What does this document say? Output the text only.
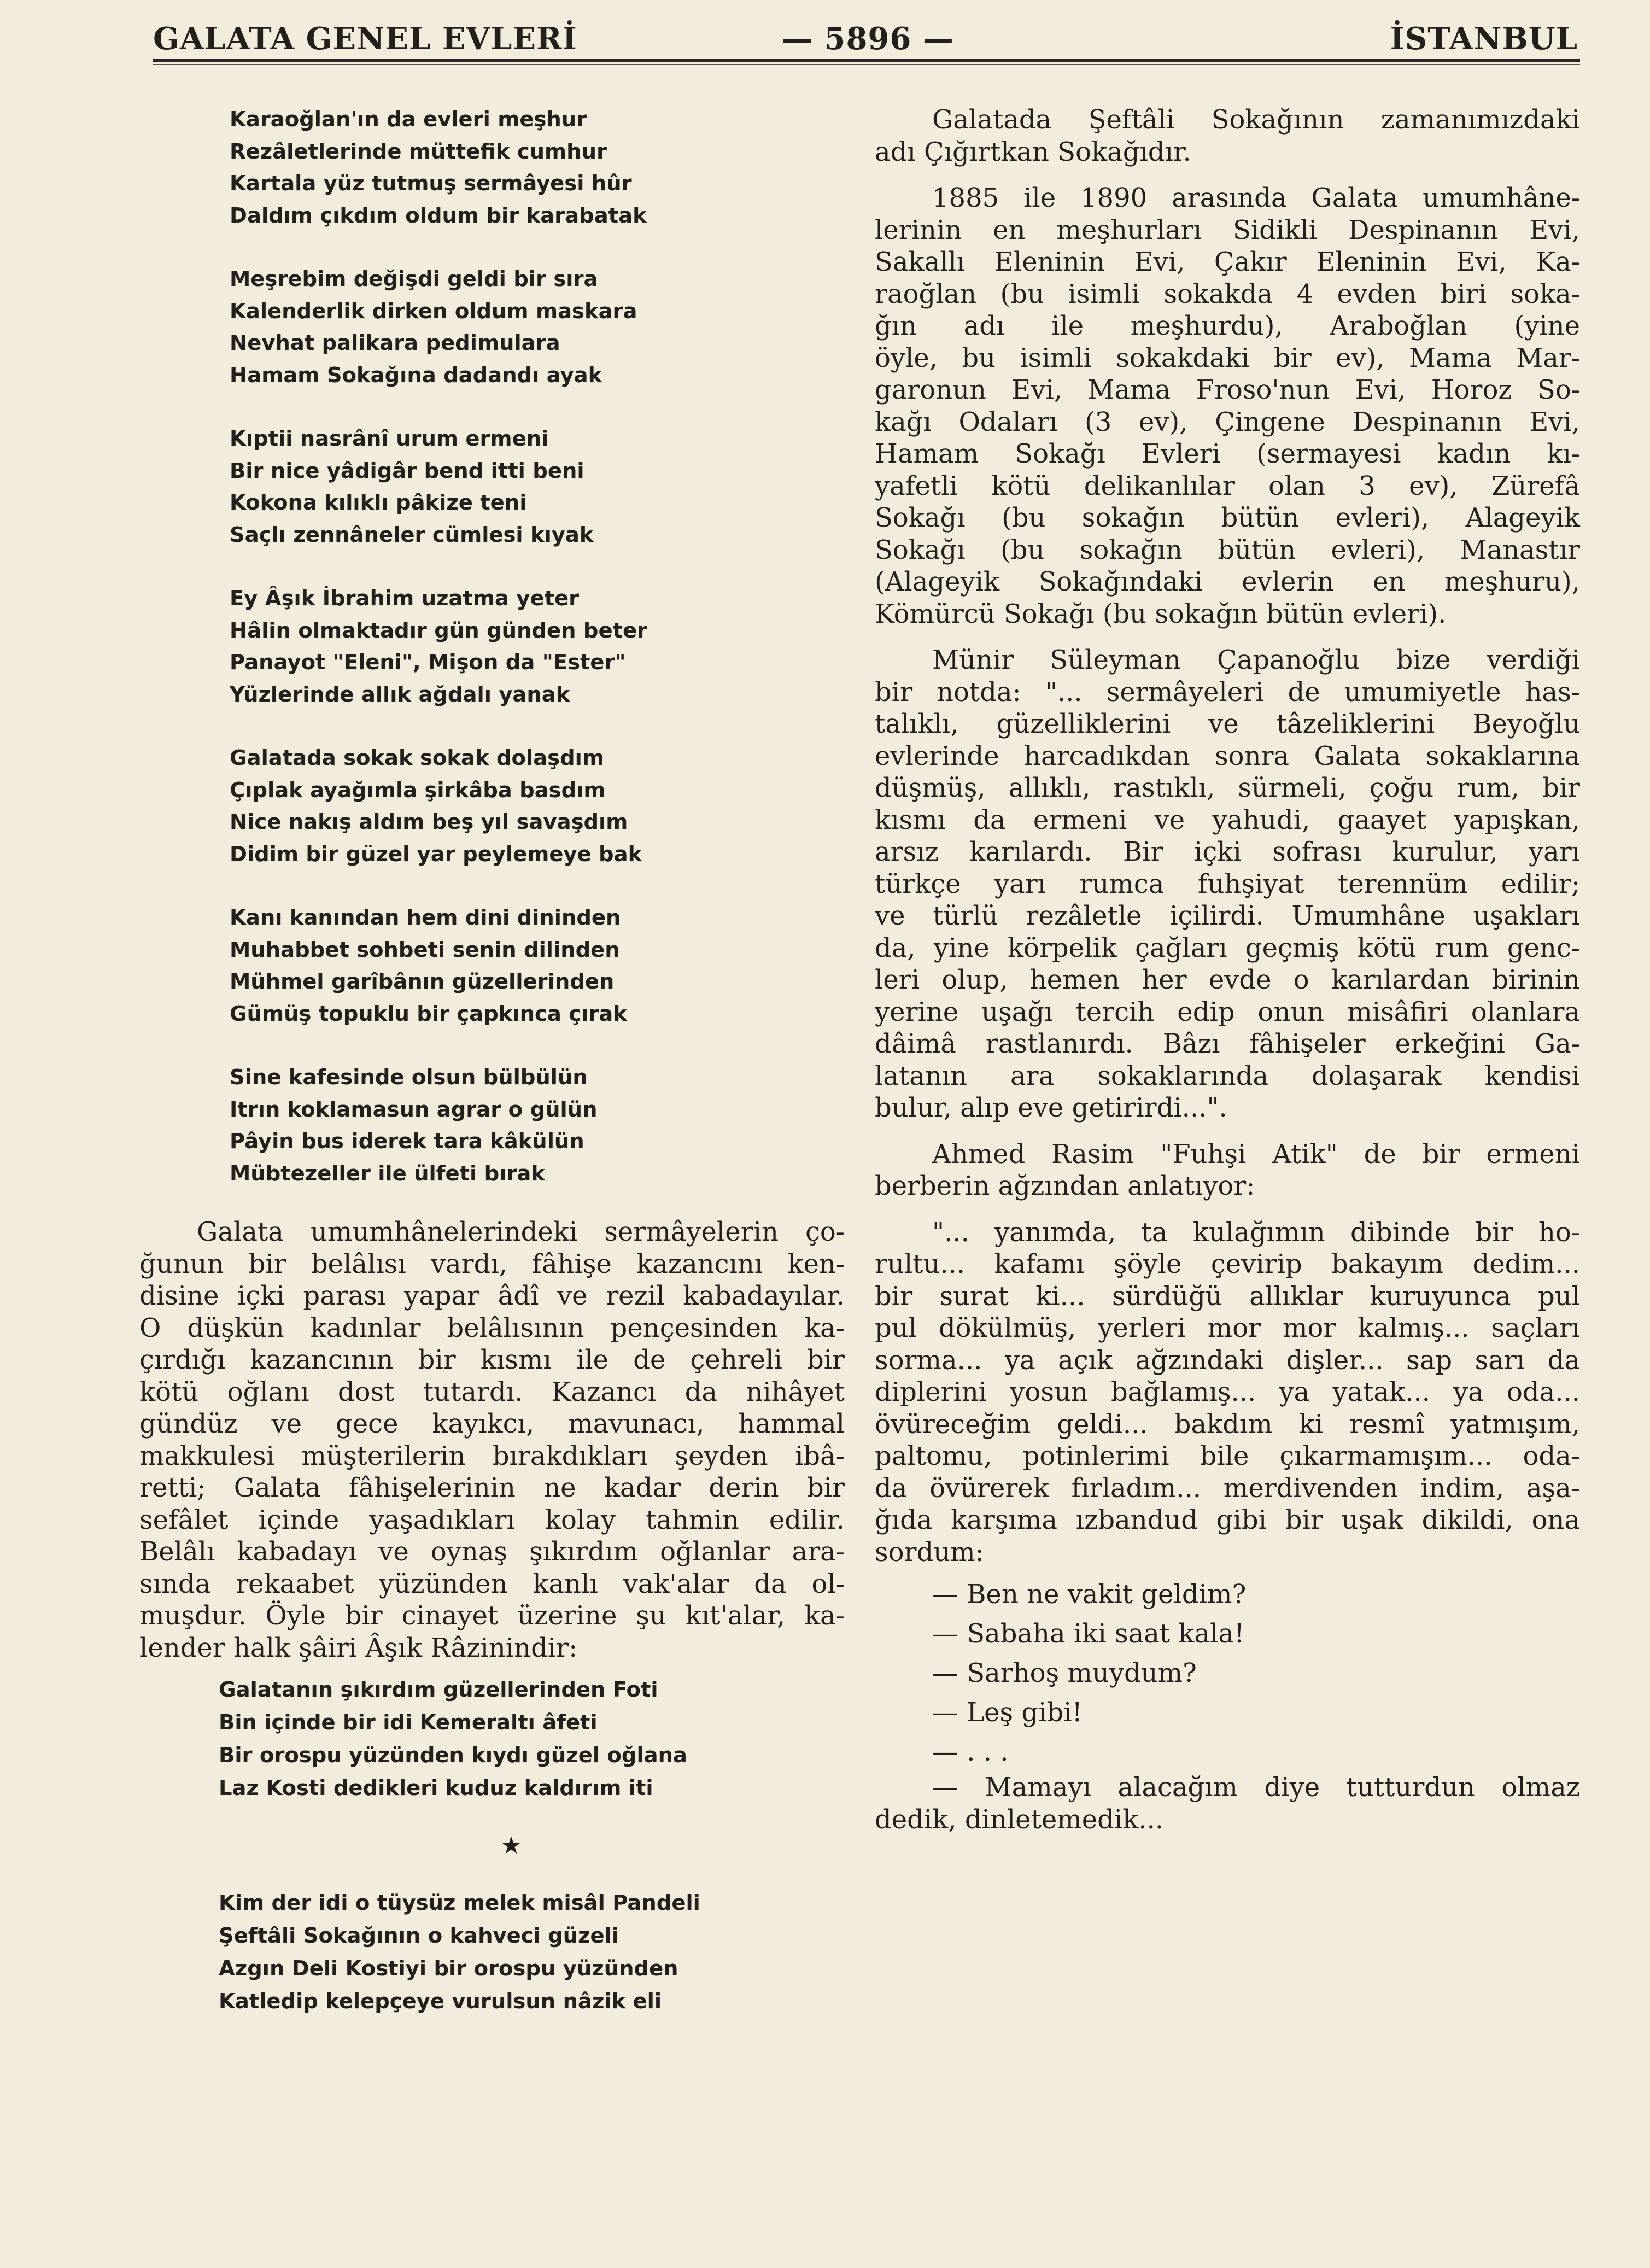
GALATA GENEL EVLERİ	— 5896 —	İSTANBUL
Karaoğlan'ın da evleri meşhur
Rezâletlerinde müttefik cumhur
Kartala yüz tutmuş sermâyesi hûr
Daldım çıkdım oldum bir karabatak
Meşrebim değişdi geldi bir sıra
Kalenderlik dirken oldum maskara
Nevhat palikara pedimulara
Hamam Sokağına dadandı ayak
Kıptii nasrânî urum ermeni
Bir nice yâdigâr bend itti beni
Kokona kılıklı pâkize teni
Saçlı zennâneler cümlesi kıyak
Ey Âşık İbrahim uzatma yeter
Hâlin olmaktadır gün günden beter
Panayot "Eleni", Mişon da "Ester"
Yüzlerinde allık ağdalı yanak
Galatada sokak sokak dolaşdım
Çıplak ayağımla şirkâba basdım
Nice nakış aldım beş yıl savaşdım
Didim bir güzel yar peylemeye bak
Kanı kanından hem dini dininden
Muhabbet sohbeti senin dilinden
Mühmel garîbânın güzellerinden
Gümüş topuklu bir çapkınca çırak
Sine kafesinde olsun bülbülün
Itrın koklamasun agrar o gülün
Pâyin bus iderek tara kâkülün
Mübtezeller ile ülfeti bırak
Galata umumhânelerindeki sermâyelerin ço-
ğunun bir belâlısı vardı, fâhişe kazancını ken-
disine içki parası yapar âdî ve rezil kabadayılar.
O düşkün kadınlar belâlısının pençesinden ka-
çırdığı kazancının bir kısmı ile de çehreli bir
kötü oğlanı dost tutardı. Kazancı da nihâyet
gündüz ve gece kayıkcı, mavunacı, hammal
makkulesi müşterilerin bırakdıkları şeyden ibâ-
retti; Galata fâhişelerinin ne kadar derin bir
sefâlet içinde yaşadıkları kolay tahmin edilir.
Belâlı kabadayı ve oynaş şıkırdım oğlanlar ara-
sında rekaabet yüzünden kanlı vak'alar da ol-
muşdur. Öyle bir cinayet üzerine şu kıt'alar, ka-
lender halk şâiri Âşık Râzinindir:
Galatanın şıkırdım güzellerinden Foti
Bin içinde bir idi Kemeraltı âfeti
Bir orospu yüzünden kıydı güzel oğlana
Laz Kosti dedikleri kuduz kaldırım iti
★
Kim der idi o tüysüz melek misâl Pandeli
Şeftâli Sokağının o kahveci güzeli
Azgın Deli Kostiyi bir orospu yüzünden
Katledip kelepçeye vurulsun nâzik eli
Galatada Şeftâli Sokağının zamanımızdaki
adı Çığırtkan Sokağıdır.
1885 ile 1890 arasında Galata umumhâne-
lerinin en meşhurları Sidikli Despinanın Evi,
Sakallı Eleninin Evi, Çakır Eleninin Evi, Ka-
raoğlan (bu isimli sokakda 4 evden biri soka-
ğın adı ile meşhurdu), Araboğlan (yine
öyle, bu isimli sokakdaki bir ev), Mama Mar-
garonun Evi, Mama Froso'nun Evi, Horoz So-
kağı Odaları (3 ev), Çingene Despinanın Evi,
Hamam Sokağı Evleri (sermayesi kadın kı-
yafetli kötü delikanlılar olan 3 ev), Zürefâ
Sokağı (bu sokağın bütün evleri), Alageyik
Sokağı (bu sokağın bütün evleri), Manastır
(Alageyik Sokağındaki evlerin en meşhuru),
Kömürcü Sokağı (bu sokağın bütün evleri).
Münir Süleyman Çapanoğlu bize verdiği
bir notda: "... sermâyeleri de umumiyetle has-
talıklı, güzelliklerini ve tâzeliklerini Beyoğlu
evlerinde harcadıkdan sonra Galata sokaklarına
düşmüş, allıklı, rastıklı, sürmeli, çoğu rum, bir
kısmı da ermeni ve yahudi, gaayet yapışkan,
arsız karılardı. Bir içki sofrası kurulur, yarı
türkçe yarı rumca fuhşiyat terennüm edilir;
ve türlü rezâletle içilirdi. Umumhâne uşakları
da, yine körpelik çağları geçmiş kötü rum genc-
leri olup, hemen her evde o karılardan birinin
yerine uşağı tercih edip onun misâfiri olanlara
dâimâ rastlanırdı. Bâzı fâhişeler erkeğini Ga-
latanın ara sokaklarında dolaşarak kendisi
bulur, alıp eve getirirdi...".
Ahmed Rasim "Fuhşi Atik" de bir ermeni
berberin ağzından anlatıyor:
"... yanımda, ta kulağımın dibinde bir ho-
rultu... kafamı şöyle çevirip bakayım dedim...
bir surat ki... sürdüğü allıklar kuruyunca pul
pul dökülmüş, yerleri mor mor kalmış... saçları
sorma... ya açık ağzındaki dişler... sap sarı da
diplerini yosun bağlamış... ya yatak... ya oda...
övüreceğim geldi... bakdım ki resmî yatmışım,
paltomu, potinlerimi bile çıkarmamışım... oda-
da övürerek fırladım... merdivenden indim, aşa-
ğıda karşıma ızbandud gibi bir uşak dikildi, ona
sordum:
— Ben ne vakit geldim?
— Sabaha iki saat kala!
— Sarhoş muydum?
— Leş gibi!
— . . .
— Mamayı alacağım diye tutturdun olmaz
dedik, dinletemedik...
